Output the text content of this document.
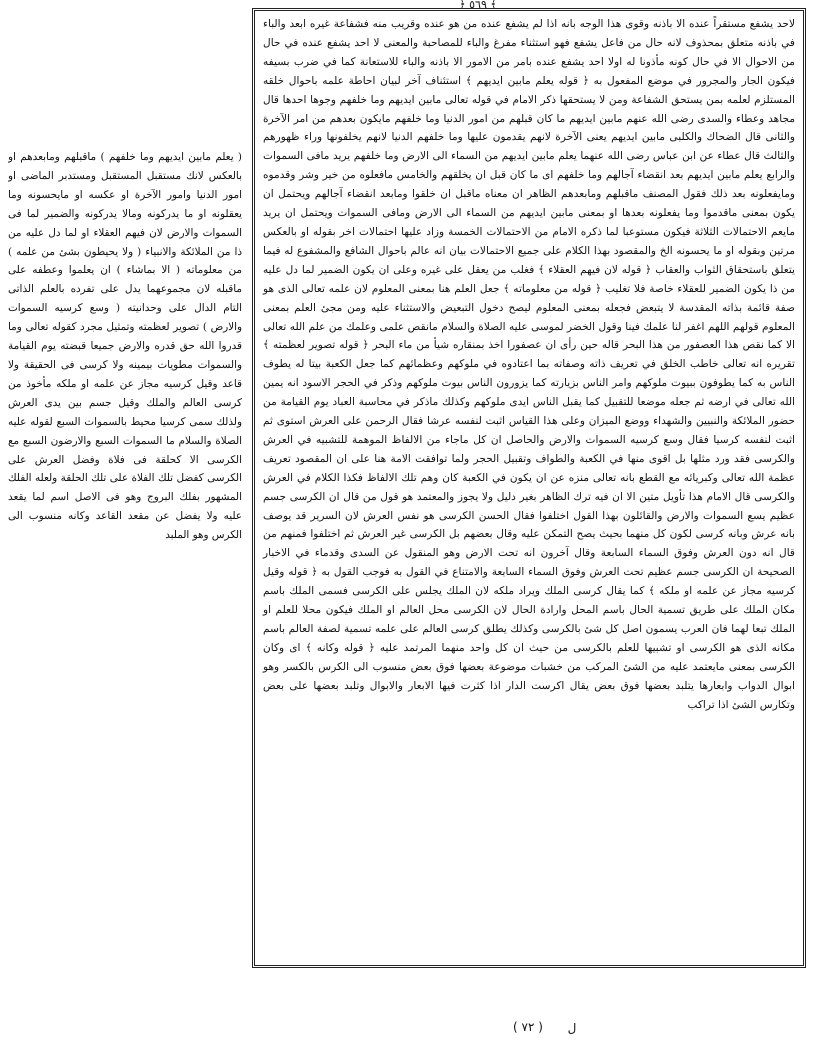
﴾ ٥٦٩ ﴿

( يعلم مابين ايديهم وما خلفهم ) ماقبلهم ومابعدهم او بالعكس لانك مستقبل المستقبل ومستدبر الماضى او امور الدنيا وامور الآخرة او عكسه او مايحسونه وما يعقلونه او ما يدركونه ومالا يدركونه والضمير لما فى السموات والارض لان فيهم العقلاء او لما دل عليه من ذا من الملائكة والانبياء ( ولا يحيطون بشئ من علمه ) من معلوماته ( الا بماشاء ) ان يعلموا وعطفه على ماقبله لان مجموعهما يدل على تفرده بالعلم الذاتى التام الدال على وحدانيته ( وسع كرسيه السموات والارض ) تصوير لعظمته وتمثيل مجرد كقوله تعالى وما قدروا الله حق قدره والارض جميعا قبضته يوم القيامة والسموات مطويات بيمينه ولا كرسى فى الحقيقة ولا قاعد وقيل كرسيه مجاز عن علمه او ملكه مأخوذ من كرسى العالم والملك وقيل جسم بين يدى العرش ولذلك سمى كرسيا محيط بالسموات السبع لقوله عليه الصلاة والسلام ما السموات السبع والارضون السبع مع الكرسى الا كحلقة فى فلاة وفضل العرش على الكرسى كفضل تلك الفلاة على تلك الحلقة ولعله الفلك المشهور بفلك البروج وهو فى الاصل اسم لما يقعد عليه ولا يفضل عن مقعد القاعد وكانه منسوب الى الكرس وهو الملبد

لاحد يشفع مستقراً عنده الا باذنه وقوى هذا الوجه بانه اذا لم يشفع عنده من هو عنده وقريب منه فشفاعة غيره ابعد والباء في باذنه متعلق بمحذوف لانه حال من فاعل يشفع فهو استثناء مفرغ والباء للمصاحبة والمعنى لا احد يشفع عنده في حال من الاحوال الا في حال كونه مأذونا له اولا احد يشفع عنده بامر من الامور الا باذنه والباء للاستعانة كما في ضرب بسيفه فيكون الجار والمجرور في موضع المفعول به ﴿ قوله يعلم مابين ايديهم ﴾ استئناف آخر لبيان احاطة علمه باحوال خلقه المستلزم لعلمه بمن يستحق الشفاعة ومن لا يستحقها ذكر الامام في قوله تعالى مابين ايديهم وما خلفهم وجوها احدها قال مجاهد وعطاء والسدى رضى الله عنهم مابين ايديهم ما كان قبلهم من امور الدنيا وما خلفهم مايكون بعدهم من امر الآخرة والثانى قال الضحاك والكلبى مابين ايديهم يعنى الآخرة لانهم يقدمون عليها وما خلفهم الدنيا لانهم يخلفونها وراء ظهورهم والثالث قال عطاء عن ابن عباس رضى الله عنهما يعلم مابين ايديهم من السماء الى الارض وما خلفهم يريد مافى السموات والرابع يعلم مابين ايديهم بعد انقضاء آجالهم وما خلفهم اى ما كان قبل ان يخلقهم والخامس مافعلوه من خير وشر وقدموه ومايفعلونه بعد ذلك فقول المصنف ماقبلهم ومابعدهم الظاهر ان معناه ماقبل ان خلقوا ومابعد انقضاء آجالهم ويحتمل ان يكون بمعنى ماقدموا وما يفعلونه بعدها او بمعنى مابين ايديهم من السماء الى الارض ومافى السموات ويحتمل ان يريد مايعم الاحتمالات الثلاثة فيكون مستوعبا لما ذكره الامام من الاحتمالات الخمسة وزاد عليها احتمالات اخر بقوله او بالعكس مرتين وبقوله او ما يحسونه الخ والمقصود بهذا الكلام على جميع الاحتمالات بيان انه عالم باحوال الشافع والمشفوع له فيما يتعلق باستحقاق الثواب والعقاب ﴿ قوله لان فيهم العقلاء ﴾ فغلب من يعقل على غيره وعلى ان يكون الضمير لما دل عليه من ذا يكون الضمير للعقلاء خاصة فلا تغليب ﴿ قوله من معلوماته ﴾ جعل العلم هنا بمعنى المعلوم لان علمه تعالى الذى هو صفة قائمة بذاته المقدسة لا يتبعض فجعله بمعنى المعلوم ليصح دخول التبعيض والاستثناء عليه ومن مجئ العلم بمعنى المعلوم قولهم اللهم اغفر لنا علمك فينا وقول الخضر لموسى عليه الصلاة والسلام مانقص علمى وعلمك من علم الله تعالى الا كما نقص هذا العصفور من هذا البحر قاله حين رأى ان عصفورا اخذ بمنقاره شيأ من ماء البحر ﴿ قوله تصوير لعظمته ﴾ تقريره انه تعالى خاطب الخلق في تعريف ذاته وصفاته بما اعتادوه في ملوكهم وعظمائهم كما جعل الكعبة بيتا له يطوف الناس به كما يطوفون ببيوت ملوكهم وامر الناس بزيارته كما يزورون الناس بيوت ملوكهم وذكر في الحجر الاسود انه يمين الله تعالى في ارضه ثم جعله موضعا للتقبيل كما يقبل الناس ايدى ملوكهم وكذلك ماذكر في محاسبة العباد يوم القيامة من حضور الملائكة والنبيين والشهداء ووضع الميزان وعلى هذا القياس اثبت لنفسه عرشا فقال الرحمن على العرش استوى ثم اثبت لنفسه كرسيا فقال وسع كرسيه السموات والارض والحاصل ان كل ماجاء من الالفاظ الموهمة للتشبيه في العرش والكرسى فقد ورد مثلها بل اقوى منها في الكعبة والطواف وتقبيل الحجر ولما توافقت الامة هنا على ان المقصود تعريف عظمة الله تعالى وكبريائه مع القطع بانه تعالى منزه عن ان يكون في الكعبة كان وهم تلك الالفاظ فكذا الكلام في العرش والكرسى قال الامام هذا تأويل متين الا ان فيه ترك الظاهر بغير دليل ولا يجوز والمعتمد هو قول من قال ان الكرسى جسم عظيم يسع السموات والارض والقائلون بهذا القول اختلفوا فقال الحسن الكرسى هو نفس العرش لان السرير قد يوصف بانه عرش وبانه كرسى لكون كل منهما بحيث يصح التمكن عليه وقال بعضهم بل الكرسى غير العرش ثم اختلفوا فمنهم من قال انه دون العرش وفوق السماء السابعة وقال آخرون انه تحت الارض وهو المنقول عن السدى وقدماء في الاخبار الصحيحة ان الكرسى جسم عظيم تحت العرش وفوق السماء السابعة والامتناع في القول به فوجب القول به ﴿ قوله وقيل كرسيه مجاز عن علمه او ملكه ﴾ كما يقال كرسى الملك ويراد ملكه لان الملك يجلس على الكرسى فسمى الملك باسم مكان الملك على طريق تسمية الحال باسم المحل وارادة الحال لان الكرسى محل العالم او الملك فيكون محلا للعلم او الملك تبعا لهما فان العرب يسمون اصل كل شئ بالكرسى وكذلك يطلق كرسى العالم على علمه تسمية لصفة العالم باسم مكانه الذى هو الكرسى او تشبيها للعلم بالكرسى من حيث ان كل واحد منهما المرتمد عليه ﴿ قوله وكانه ﴾ اى وكان الكرسى بمعنى مايعتمد عليه من الشئ المركب من خشبات موضوعة بعضها فوق بعض منسوب الى الكرس بالكسر وهو ابوال الدواب وابعارها يتلبد بعضها فوق بعض يقال اكرست الدار اذا كثرت فيها الابعار والابوال وتلبد بعضها على بعض وتكارس الشئ اذا تراكب

( ٧٢ )	ل
